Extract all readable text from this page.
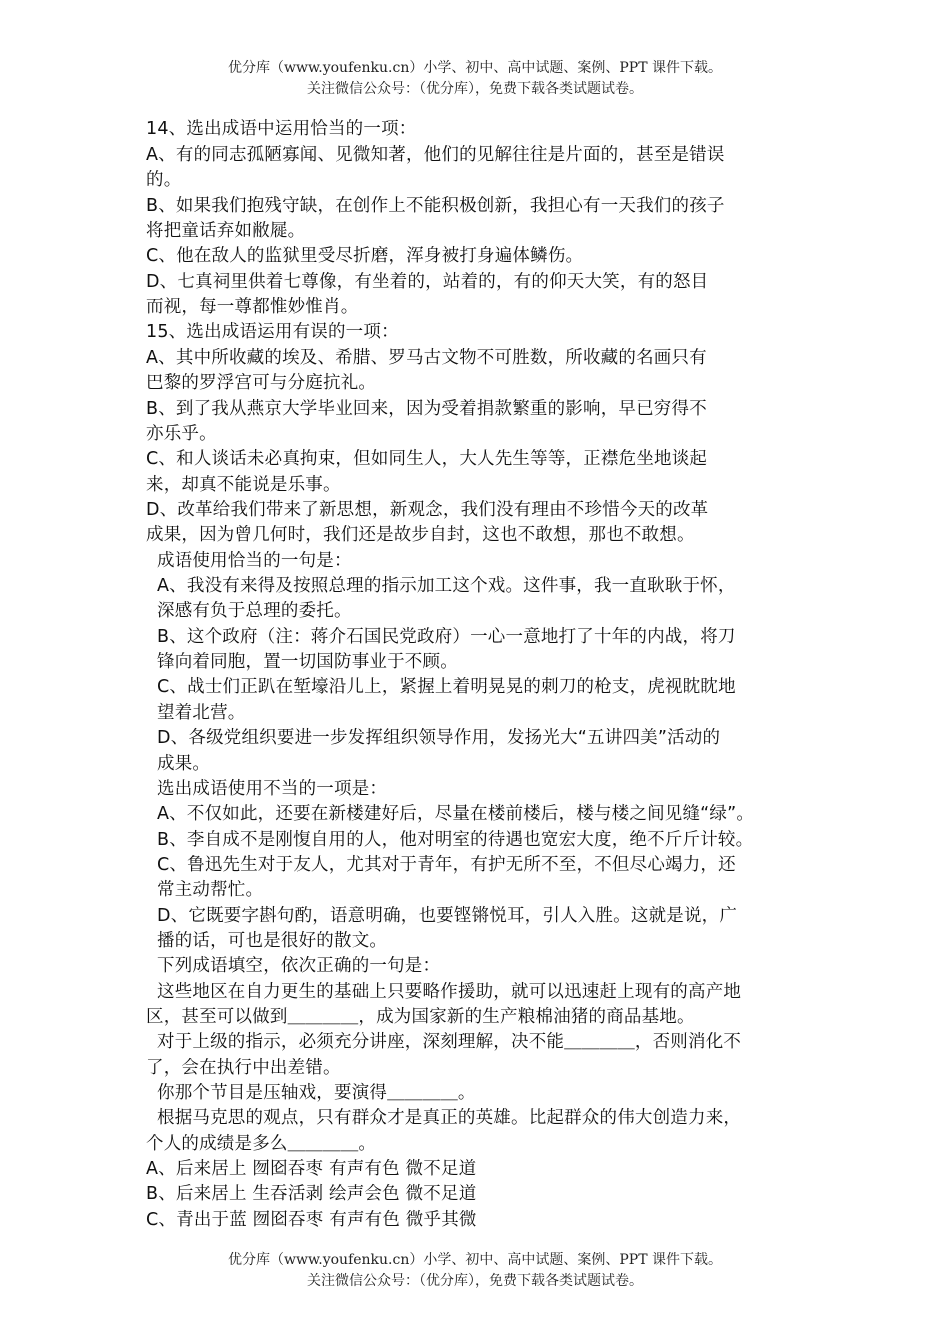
优分库（www.youfenku.cn）小学、初中、高中试题、案例、PPT 课件下载。
关注微信公众号：（优分库），免费下载各类试题试卷。
14、选出成语中运用恰当的一项：
A、有的同志孤陋寡闻、见微知著，他们的见解往往是片面的，甚至是错误
的。
B、如果我们抱残守缺，在创作上不能积极创新，我担心有一天我们的孩子
将把童话弃如敝屣。
C、他在敌人的监狱里受尽折磨，浑身被打身遍体鳞伤。
D、七真祠里供着七尊像，有坐着的，站着的，有的仰天大笑，有的怒目
而视，每一尊都惟妙惟肖。
15、选出成语运用有误的一项：
A、其中所收藏的埃及、希腊、罗马古文物不可胜数，所收藏的名画只有
巴黎的罗浮宫可与分庭抗礼。
B、到了我从燕京大学毕业回来，因为受着捐款繁重的影响，早已穷得不
亦乐乎。
C、和人谈话未必真拘束，但如同生人，大人先生等等，正襟危坐地谈起
来，却真不能说是乐事。
D、改革给我们带来了新思想，新观念，我们没有理由不珍惜今天的改革
成果，因为曾几何时，我们还是故步自封，这也不敢想，那也不敢想。
成语使用恰当的一句是：
A、我没有来得及按照总理的指示加工这个戏。这件事，我一直耿耿于怀，
深感有负于总理的委托。
B、这个政府（注：蒋介石国民党政府）一心一意地打了十年的内战，将刀
锋向着同胞，置一切国防事业于不顾。
C、战士们正趴在堑壕沿儿上，紧握上着明晃晃的刺刀的枪支，虎视眈眈地
望着北营。
D、各级党组织要进一步发挥组织领导作用，发扬光大“五讲四美”活动的
成果。
选出成语使用不当的一项是：
A、不仅如此，还要在新楼建好后，尽量在楼前楼后，楼与楼之间见缝“绿”。
B、李自成不是刚愎自用的人，他对明室的待遇也宽宏大度，绝不斤斤计较。
C、鲁迅先生对于友人，尤其对于青年，有护无所不至，不但尽心竭力，还
常主动帮忙。
D、它既要字斟句酌，语意明确，也要铿锵悦耳，引人入胜。这就是说，广
播的话，可也是很好的散文。
下列成语填空，依次正确的一句是：
这些地区在自力更生的基础上只要略作援助，就可以迅速赶上现有的高产地
区，甚至可以做到＿＿＿＿，成为国家新的生产粮棉油猪的商品基地。
对于上级的指示，必须充分讲座，深刻理解，决不能＿＿＿＿，否则消化不
了，会在执行中出差错。
你那个节目是压轴戏，要演得＿＿＿＿。
根据马克思的观点，只有群众才是真正的英雄。比起群众的伟大创造力来，
个人的成绩是多么＿＿＿＿。
A、后来居上 囫囵吞枣 有声有色 微不足道
B、后来居上 生吞活剥 绘声会色 微不足道
C、青出于蓝 囫囵吞枣 有声有色 微乎其微
优分库（www.youfenku.cn）小学、初中、高中试题、案例、PPT 课件下载。
关注微信公众号：（优分库），免费下载各类试题试卷。
